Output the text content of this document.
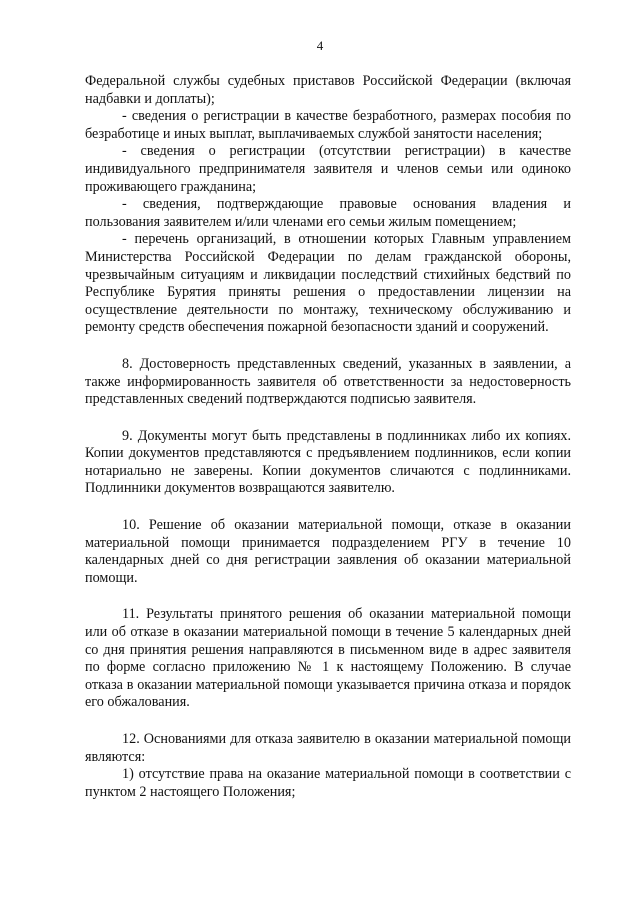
4

Федеральной службы судебных приставов Российской Федерации (включая надбавки и доплаты);

- сведения о регистрации в качестве безработного, размерах пособия по безработице и иных выплат, выплачиваемых службой занятости населения;

- сведения о регистрации (отсутствии регистрации) в качестве индивидуального предпринимателя заявителя и членов семьи или одиноко проживающего гражданина;

- сведения, подтверждающие правовые основания владения и пользования заявителем и/или членами его семьи жилым помещением;

- перечень организаций, в отношении которых Главным управлением Министерства Российской Федерации по делам гражданской обороны, чрезвычайным ситуациям и ликвидации последствий стихийных бедствий по Республике Бурятия приняты решения о предоставлении лицензии на осуществление деятельности по монтажу, техническому обслуживанию и ремонту средств обеспечения пожарной безопасности зданий и сооружений.

8. Достоверность представленных сведений, указанных в заявлении, а также информированность заявителя об ответственности за недостоверность представленных сведений подтверждаются подписью заявителя.

9. Документы могут быть представлены в подлинниках либо их копиях. Копии документов представляются с предъявлением подлинников, если копии нотариально не заверены. Копии документов сличаются с подлинниками. Подлинники документов возвращаются заявителю.

10. Решение об оказании материальной помощи, отказе в оказании материальной помощи принимается подразделением РГУ в течение 10 календарных дней со дня регистрации заявления об оказании материальной помощи.

11. Результаты принятого решения об оказании материальной помощи или об отказе в оказании материальной помощи в течение 5 календарных дней со дня принятия решения направляются в письменном виде в адрес заявителя по форме согласно приложению № 1 к настоящему Положению. В случае отказа в оказании материальной помощи указывается причина отказа и порядок его обжалования.

12. Основаниями для отказа заявителю в оказании материальной помощи являются:

1) отсутствие права на оказание материальной помощи в соответствии с пунктом 2 настоящего Положения;
